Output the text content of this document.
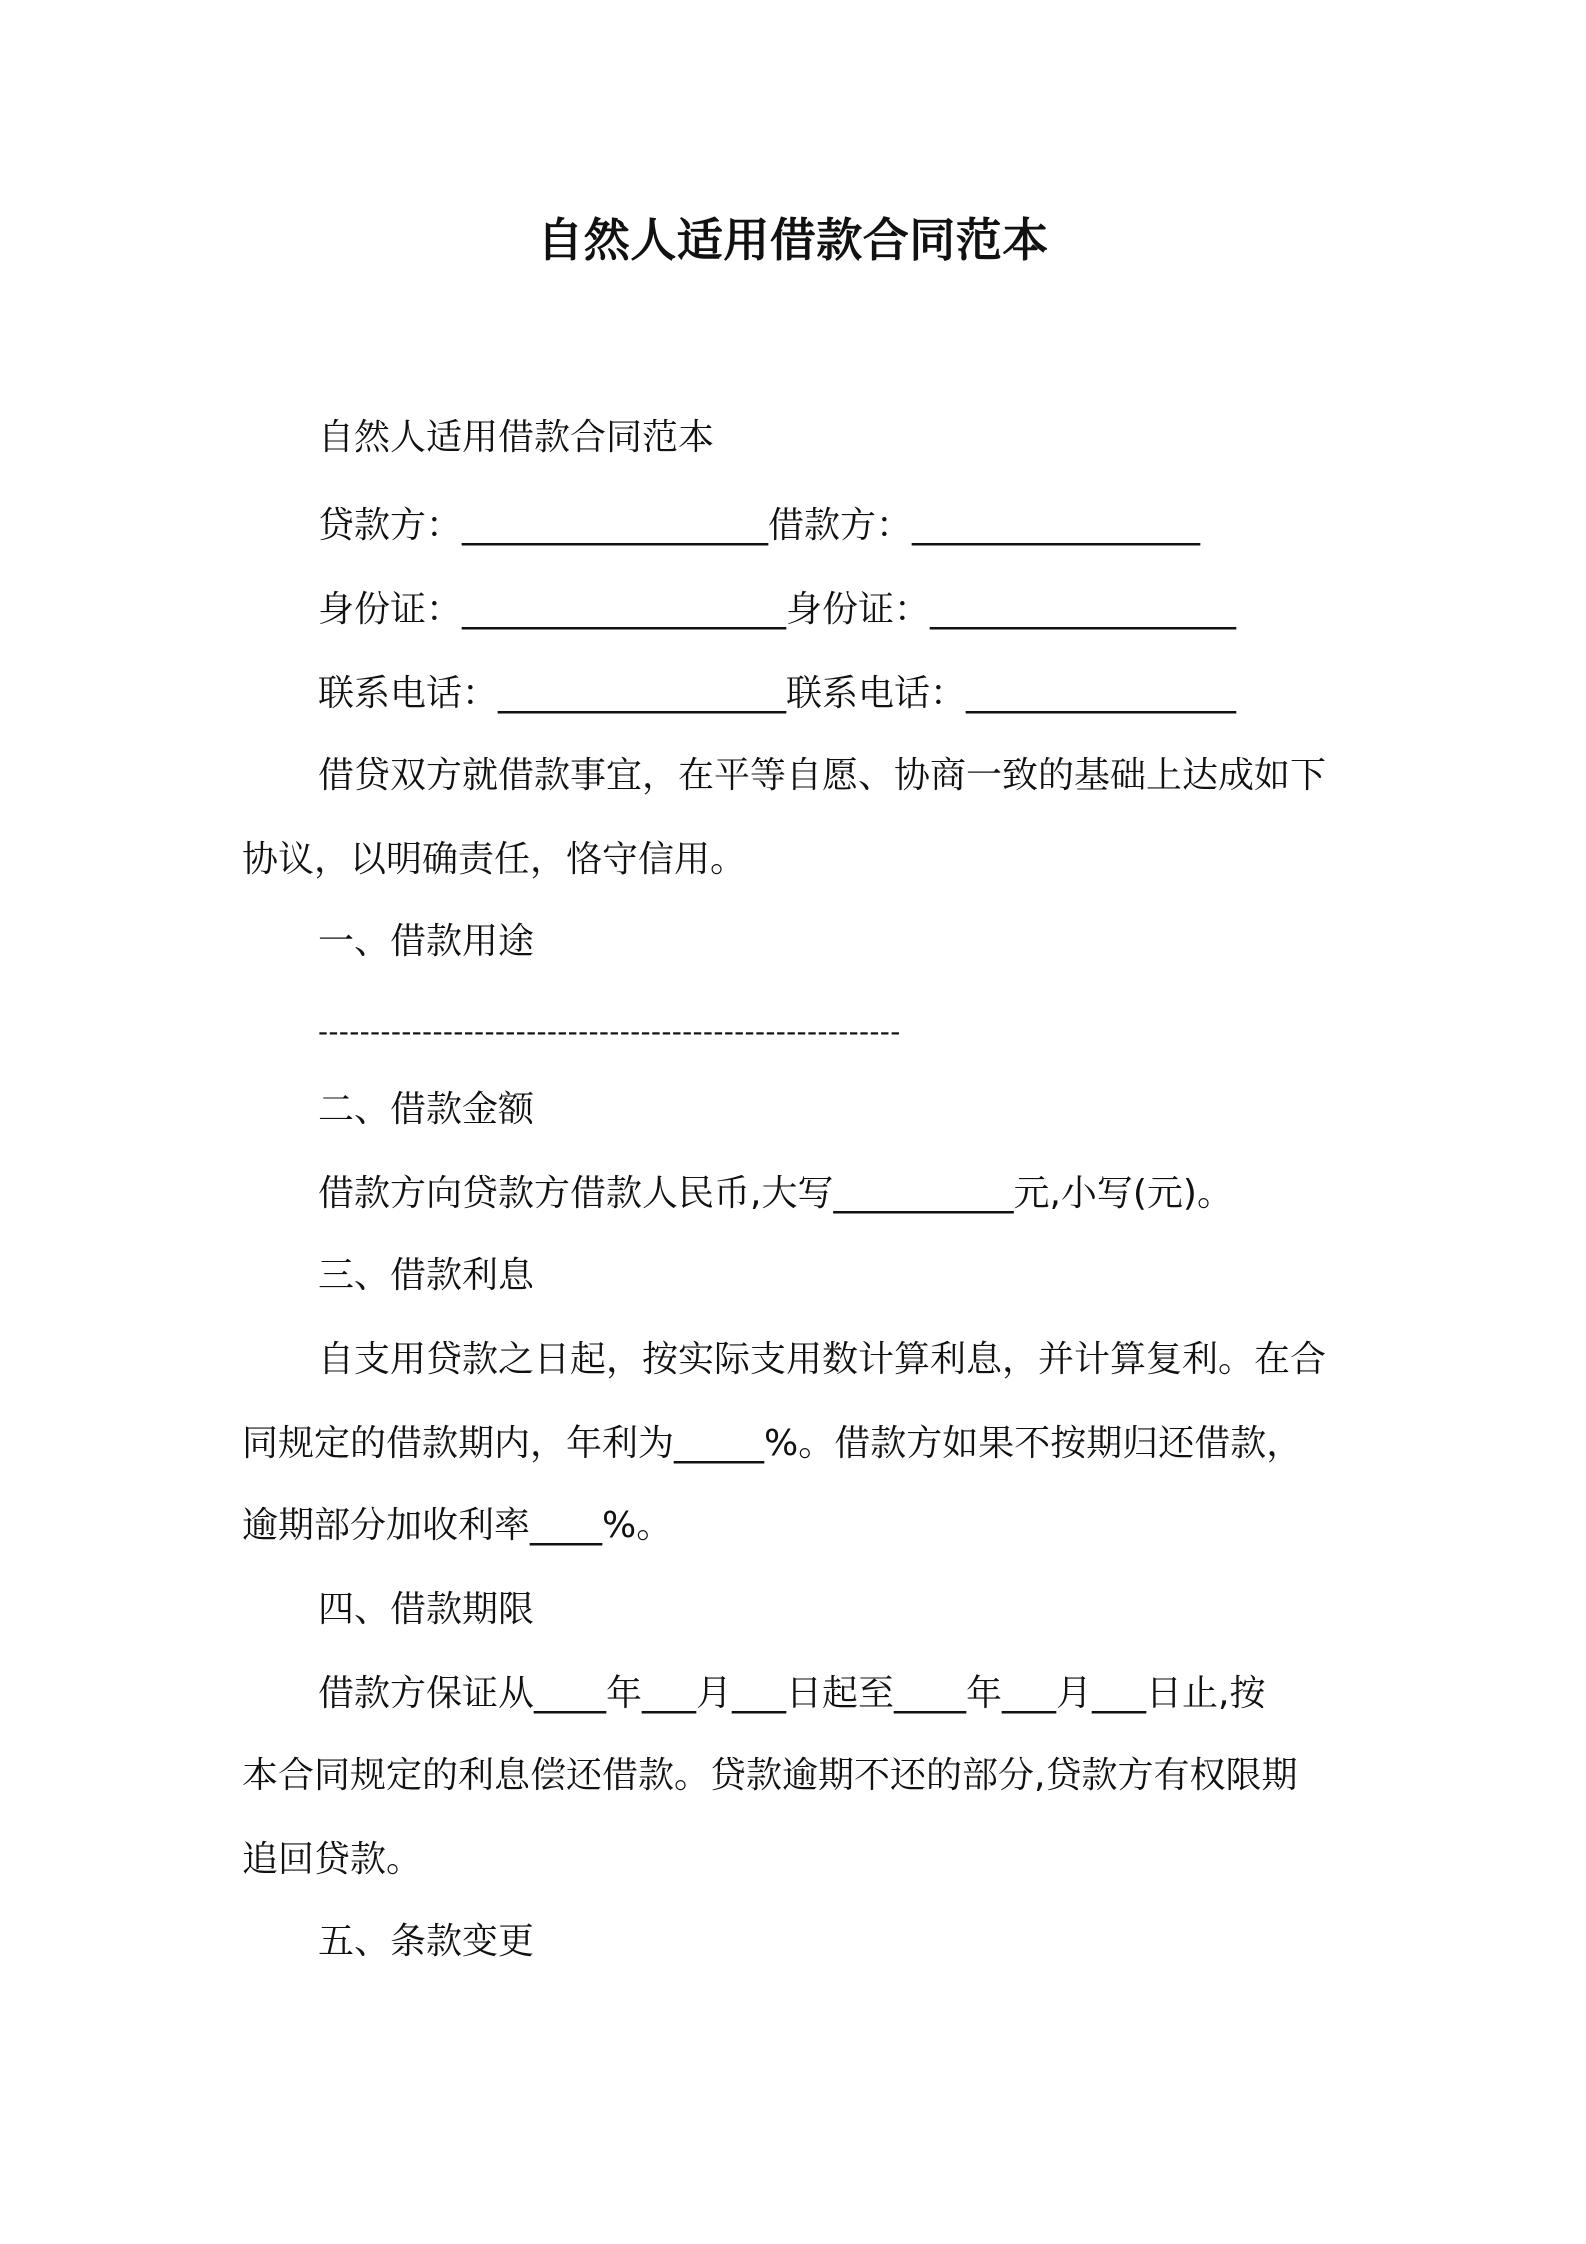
自然人适用借款合同范本
自然人适用借款合同范本
贷款方：_________________借款方：________________
身份证：__________________身份证：_________________
联系电话：________________联系电话：_______________
借贷双方就借款事宜，在平等自愿、协商一致的基础上达成如下
协议，以明确责任，恪守信用。
一、借款用途
--------------------------------------------------------
二、借款金额
借款方向贷款方借款人民币,大写__________元,小写(元)。
三、借款利息
自支用贷款之日起，按实际支用数计算利息，并计算复利。在合
同规定的借款期内，年利为_____%。借款方如果不按期归还借款，
逾期部分加收利率____%。
四、借款期限
借款方保证从____年___月___日起至____年___月___日止,按
本合同规定的利息偿还借款。贷款逾期不还的部分,贷款方有权限期
追回贷款。
五、条款变更
